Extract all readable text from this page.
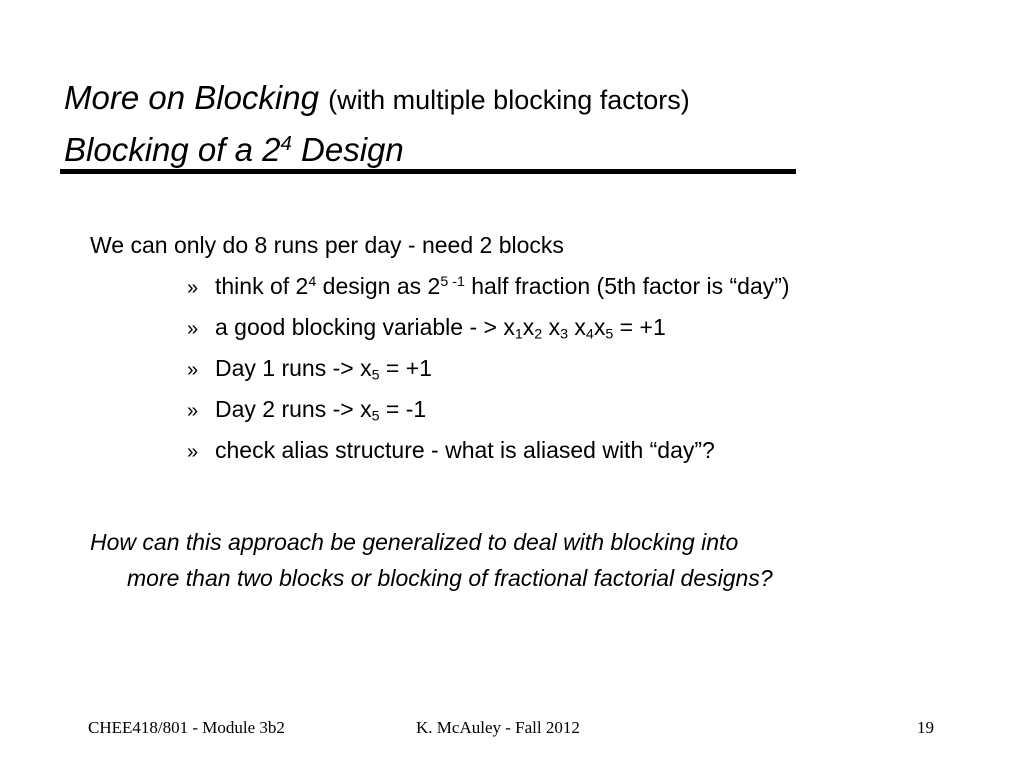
More on Blocking (with multiple blocking factors)
Blocking of a $2^4$ Design
We can only do 8 runs per day - need 2 blocks
» think of $2^4$ design as 2$^{5 -1}$ half fraction (5th factor is “day”)
» a good blocking variable - > $x_1x_2$ $x_3$ $x_4x_5 = +1$
» Day 1 runs -> $x_5 = +1$
» Day 2 runs -> $x_5 = -1$
» check alias structure - what is aliased with “day”?
How can this approach be generalized to deal with blocking into
more than two blocks or blocking of fractional factorial designs?
CHEE418/801 - Module 3b2	K. McAuley - Fall 2012	19
